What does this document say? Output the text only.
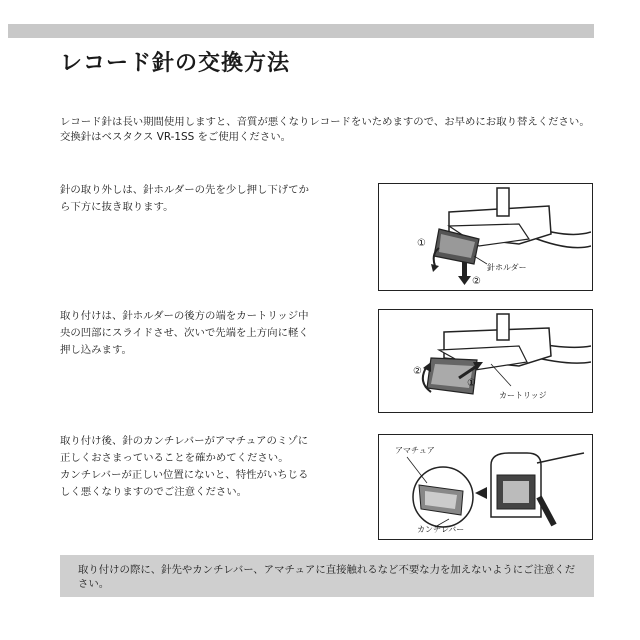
レコード針の交換方法

レコード針は長い期間使用しますと、音質が悪くなりレコードをいためますので、お早めにお取り替えください。

交換針はベスタクス VR-1SS をご使用ください。

針の取り外しは、針ホルダーの先を少し押し下げてか

ら下方に抜き取ります。

①
②
針ホルダー

取り付けは、針ホルダーの後方の端をカートリッジ中

央の凹部にスライドさせ、次いで先端を上方向に軽く

押し込みます。

②
①
カートリッジ

取り付け後、針のカンチレバーがアマチュアのミゾに

正しくおさまっていることを確かめてください。

カンチレバーが正しい位置にないと、特性がいちじる

しく悪くなりますのでご注意ください。

アマチュア
カンチレバー

取り付けの際に、針先やカンチレバー、アマチュアに直接触れるなど不要な力を加えないようにご注意ください。
